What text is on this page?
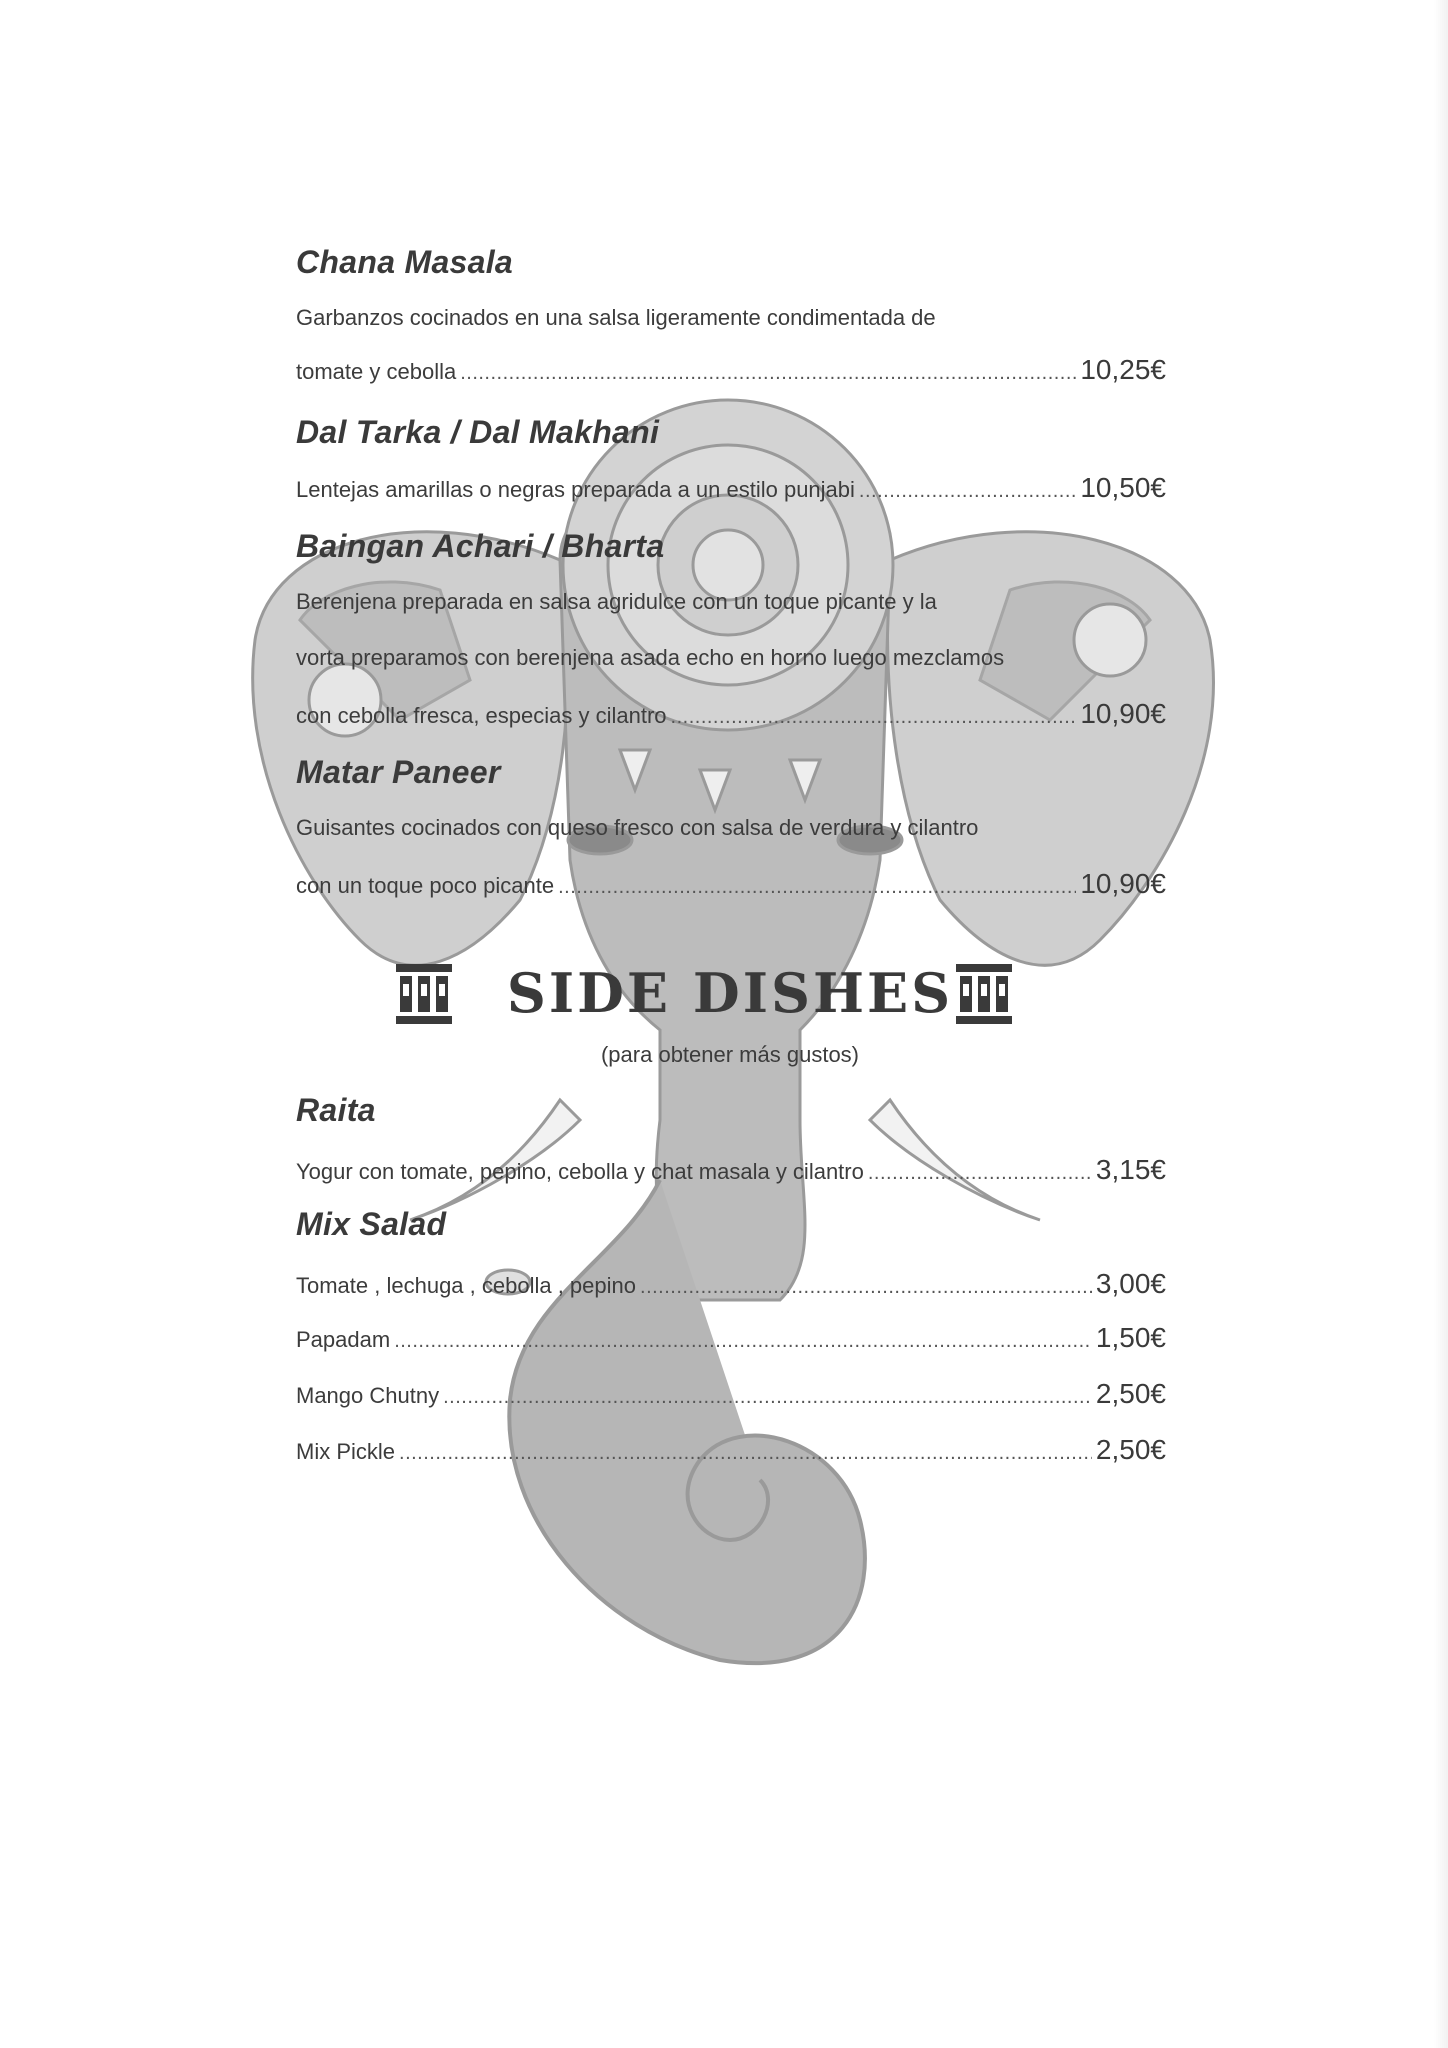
Chana Masala
Garbanzos cocinados en una salsa ligeramente condimentada de
tomate y cebolla .....	10,25€
Dal Tarka / Dal Makhani
Lentejas amarillas o negras preparada a un estilo punjabi .....	10,50€
Baingan Achari / Bharta
Berenjena preparada en salsa agridulce con un toque picante y la
vorta preparamos con berenjena asada echo en horno luego mezclamos
con cebolla fresca, especias y cilantro .....	10,90€
Matar Paneer
Guisantes cocinados con queso fresco con salsa de verdura y cilantro
con un toque poco picante .....	10,90€
SIDE DISHES
(para obtener más gustos)
Raita
Yogur con tomate, pepino, cebolla y chat masala y cilantro .....	3,15€
Mix Salad
Tomate , lechuga , cebolla , pepino .....	3,00€
Papadam .....	1,50€
Mango Chutny .....	2,50€
Mix Pickle .....	2,50€
